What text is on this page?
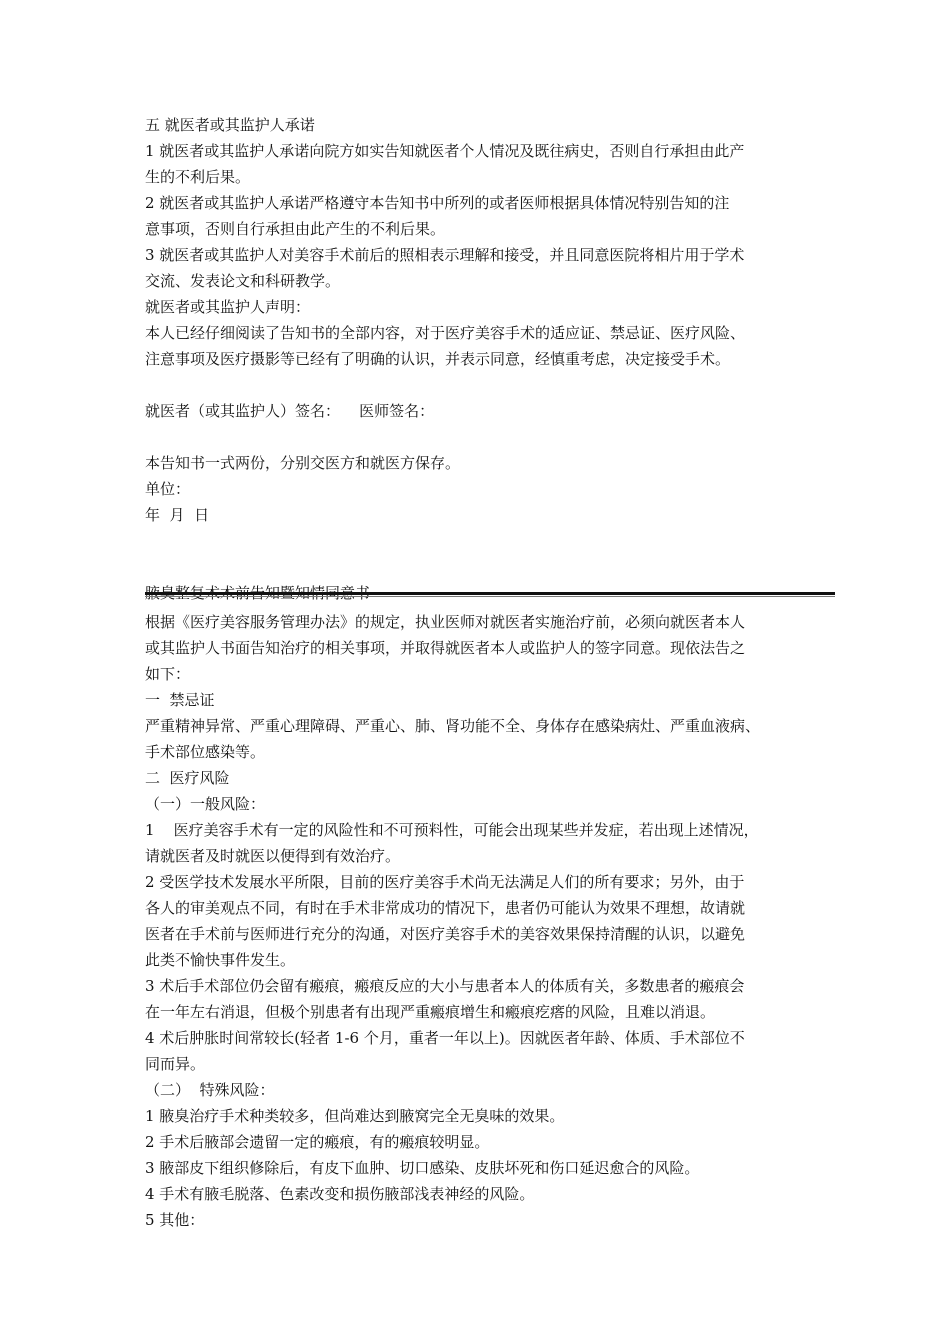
五 就医者或其监护人承诺
1 就医者或其监护人承诺向院方如实告知就医者个人情况及既往病史，否则自行承担由此产
生的不利后果。
2 就医者或其监护人承诺严格遵守本告知书中所列的或者医师根据具体情况特别告知的注
意事项，否则自行承担由此产生的不利后果。
3 就医者或其监护人对美容手术前后的照相表示理解和接受，并且同意医院将相片用于学术
交流、发表论文和科研教学。
就医者或其监护人声明：
本人已经仔细阅读了告知书的全部内容，对于医疗美容手术的适应证、禁忌证、医疗风险、
注意事项及医疗摄影等已经有了明确的认识，并表示同意，经慎重考虑，决定接受手术。
就医者（或其监护人）签名：    医师签名：
本告知书一式两份，分别交医方和就医方保存。
单位：
年  月  日
根据《医疗美容服务管理办法》的规定，执业医师对就医者实施治疗前，必须向就医者本人
或其监护人书面告知治疗的相关事项，并取得就医者本人或监护人的签字同意。现依法告之
如下：
一  禁忌证
严重精神异常、严重心理障碍、严重心、肺、肾功能不全、身体存在感染病灶、严重血液病、
手术部位感染等。
二  医疗风险
（一）一般风险：
1    医疗美容手术有一定的风险性和不可预料性，可能会出现某些并发症，若出现上述情况，
请就医者及时就医以便得到有效治疗。
2 受医学技术发展水平所限，目前的医疗美容手术尚无法满足人们的所有要求；另外，由于
各人的审美观点不同，有时在手术非常成功的情况下，患者仍可能认为效果不理想，故请就
医者在手术前与医师进行充分的沟通，对医疗美容手术的美容效果保持清醒的认识，以避免
此类不愉快事件发生。
3 术后手术部位仍会留有瘢痕，瘢痕反应的大小与患者本人的体质有关，多数患者的瘢痕会
在一年左右消退，但极个别患者有出现严重瘢痕增生和瘢痕疙瘩的风险，且难以消退。
4 术后肿胀时间常较长(轻者 1-6 个月，重者一年以上)。因就医者年龄、体质、手术部位不
同而异。
（二）  特殊风险：
1 腋臭治疗手术种类较多，但尚难达到腋窝完全无臭味的效果。
2 手术后腋部会遗留一定的瘢痕，有的瘢痕较明显。
3 腋部皮下组织修除后，有皮下血肿、切口感染、皮肤坏死和伤口延迟愈合的风险。
4 手术有腋毛脱落、色素改变和损伤腋部浅表神经的风险。
5 其他：
